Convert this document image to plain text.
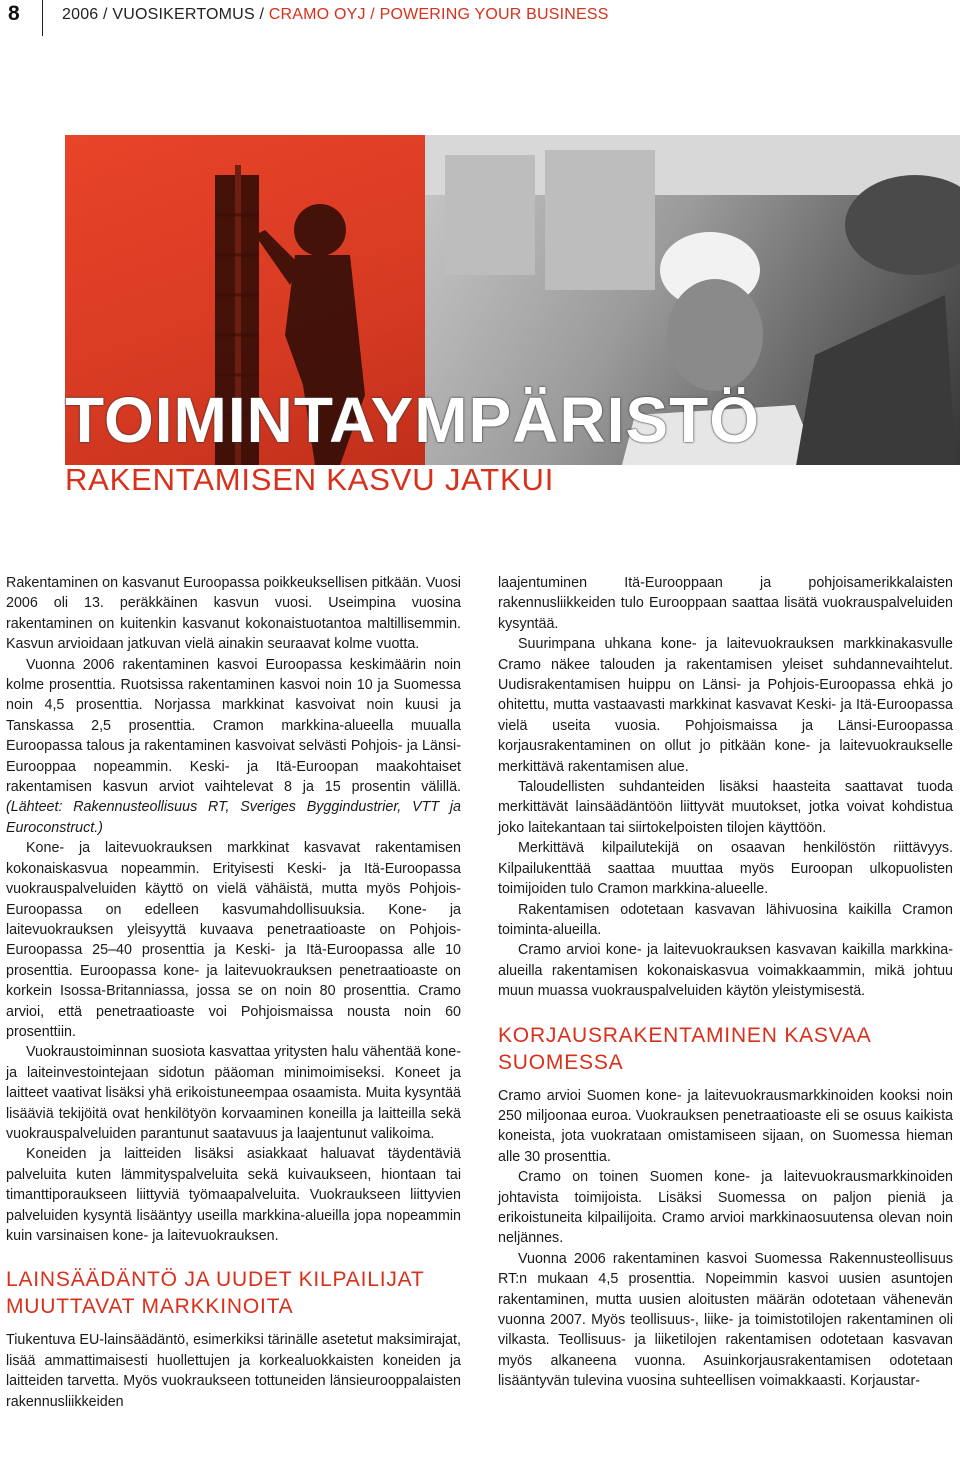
8	2006 / VUOSIKERTOMUS / CRAMO OYJ / POWERING YOUR BUSINESS
TOIMINTAYMPÄRISTÖ
RAKENTAMISEN KASVU JATKUI

Rakentaminen on kasvanut Euroopassa poikkeuksellisen pitkään. Vuosi 2006 oli 13. peräkkäinen kasvun vuosi. Useimpina vuosina rakentaminen on kuitenkin kasvanut kokonaistuotantoa maltillisemmin. Kasvun arvioidaan jatkuvan vielä ainakin seuraavat kolme vuotta.

Vuonna 2006 rakentaminen kasvoi Euroopassa keskimäärin noin kolme prosenttia. Ruotsissa rakentaminen kasvoi noin 10 ja Suomessa noin 4,5 prosenttia. Norjassa markkinat kasvoivat noin kuusi ja Tanskassa 2,5 prosenttia. Cramon markkina-alueella muualla Euroopassa talous ja rakentaminen kasvoivat selvästi Pohjois- ja Länsi-Eurooppaa nopeammin. Keski- ja Itä-Euroopan maakohtaiset rakentamisen kasvun arviot vaihtelevat 8 ja 15 prosentin välillä. (Lähteet: Rakennusteollisuus RT, Sveriges Byggindustrier, VTT ja Euroconstruct.)

Kone- ja laitevuokrauksen markkinat kasvavat rakentamisen kokonaiskasvua nopeammin. Erityisesti Keski- ja Itä-Euroopassa vuokrauspalveluiden käyttö on vielä vähäistä, mutta myös Pohjois-Euroopassa on edelleen kasvumahdollisuuksia. Kone- ja laitevuokrauksen yleisyyttä kuvaava penetraatioaste on Pohjois-Euroopassa 25–40 prosenttia ja Keski- ja Itä-Euroopassa alle 10 prosenttia. Euroopassa kone- ja laitevuokrauksen penetraatioaste on korkein Isossa-Britanniassa, jossa se on noin 80 prosenttia. Cramo arvioi, että penetraatioaste voi Pohjoismaissa nousta noin 60 prosenttiin.

Vuokraustoiminnan suosiota kasvattaa yritysten halu vähentää kone- ja laiteinvestointejaan sidotun pääoman minimoimiseksi. Koneet ja laitteet vaativat lisäksi yhä erikoistuneempaa osaamista. Muita kysyntää lisääviä tekijöitä ovat henkilötyön korvaaminen koneilla ja laitteilla sekä vuokrauspalveluiden parantunut saatavuus ja laajentunut valikoima.

Koneiden ja laitteiden lisäksi asiakkaat haluavat täydentäviä palveluita kuten lämmityspalveluita sekä kuivaukseen, hiontaan tai timanttiporaukseen liittyviä työmaapalveluita. Vuokraukseen liittyvien palveluiden kysyntä lisääntyy useilla markkina-alueilla jopa nopeammin kuin varsinaisen kone- ja laitevuokrauksen.

LAINSÄÄDÄNTÖ JA UUDET KILPAILIJAT MUUTTAVAT MARKKINOITA

Tiukentuva EU-lainsäädäntö, esimerkiksi tärinälle asetetut maksimirajat, lisää ammattimaisesti huollettujen ja korkealuokkaisten koneiden ja laitteiden tarvetta. Myös vuokraukseen tottuneiden länsieurooppalaisten rakennusliikkeiden

laajentuminen Itä-Eurooppaan ja pohjoisamerikkalaisten rakennusliikkeiden tulo Eurooppaan saattaa lisätä vuokrauspalveluiden kysyntää.

Suurimpana uhkana kone- ja laitevuokrauksen markkinakasvulle Cramo näkee talouden ja rakentamisen yleiset suhdannevaihtelut. Uudisrakentamisen huippu on Länsi- ja Pohjois-Euroopassa ehkä jo ohitettu, mutta vastaavasti markkinat kasvavat Keski- ja Itä-Euroopassa vielä useita vuosia. Pohjoismaissa ja Länsi-Euroopassa korjausrakentaminen on ollut jo pitkään kone- ja laitevuokraukselle merkittävä rakentamisen alue.

Taloudellisten suhdanteiden lisäksi haasteita saattavat tuoda merkittävät lainsäädäntöön liittyvät muutokset, jotka voivat kohdistua joko laitekantaan tai siirtokelpoisten tilojen käyttöön.

Merkittävä kilpailutekijä on osaavan henkilöstön riittävyys. Kilpailukenttää saattaa muuttaa myös Euroopan ulkopuolisten toimijoiden tulo Cramon markkina-alueelle.

Rakentamisen odotetaan kasvavan lähivuosina kaikilla Cramon toiminta-alueilla.

Cramo arvioi kone- ja laitevuokrauksen kasvavan kaikilla markkina-alueilla rakentamisen kokonaiskasvua voimakkaammin, mikä johtuu muun muassa vuokrauspalveluiden käytön yleistymisestä.

KORJAUSRAKENTAMINEN KASVAA SUOMESSA

Cramo arvioi Suomen kone- ja laitevuokrausmarkkinoiden kooksi noin 250 miljoonaa euroa. Vuokrauksen penetraatioaste eli se osuus kaikista koneista, jota vuokrataan omistamiseen sijaan, on Suomessa hieman alle 30 prosenttia.

Cramo on toinen Suomen kone- ja laitevuokrausmarkkinoiden johtavista toimijoista. Lisäksi Suomessa on paljon pieniä ja erikoistuneita kilpailijoita. Cramo arvioi markkinaosuutensa olevan noin neljännes.

Vuonna 2006 rakentaminen kasvoi Suomessa Rakennusteollisuus RT:n mukaan 4,5 prosenttia. Nopeimmin kasvoi uusien asuntojen rakentaminen, mutta uusien aloitusten määrän odotetaan vähenevän vuonna 2007. Myös teollisuus-, liike- ja toimistotilojen rakentaminen oli vilkasta. Teollisuus- ja liiketilojen rakentamisen odotetaan kasvavan myös alkaneena vuonna. Asuinkorjausrakentamisen odotetaan lisääntyvän tulevina vuosina suhteellisen voimakkaasti. Korjaustar-
